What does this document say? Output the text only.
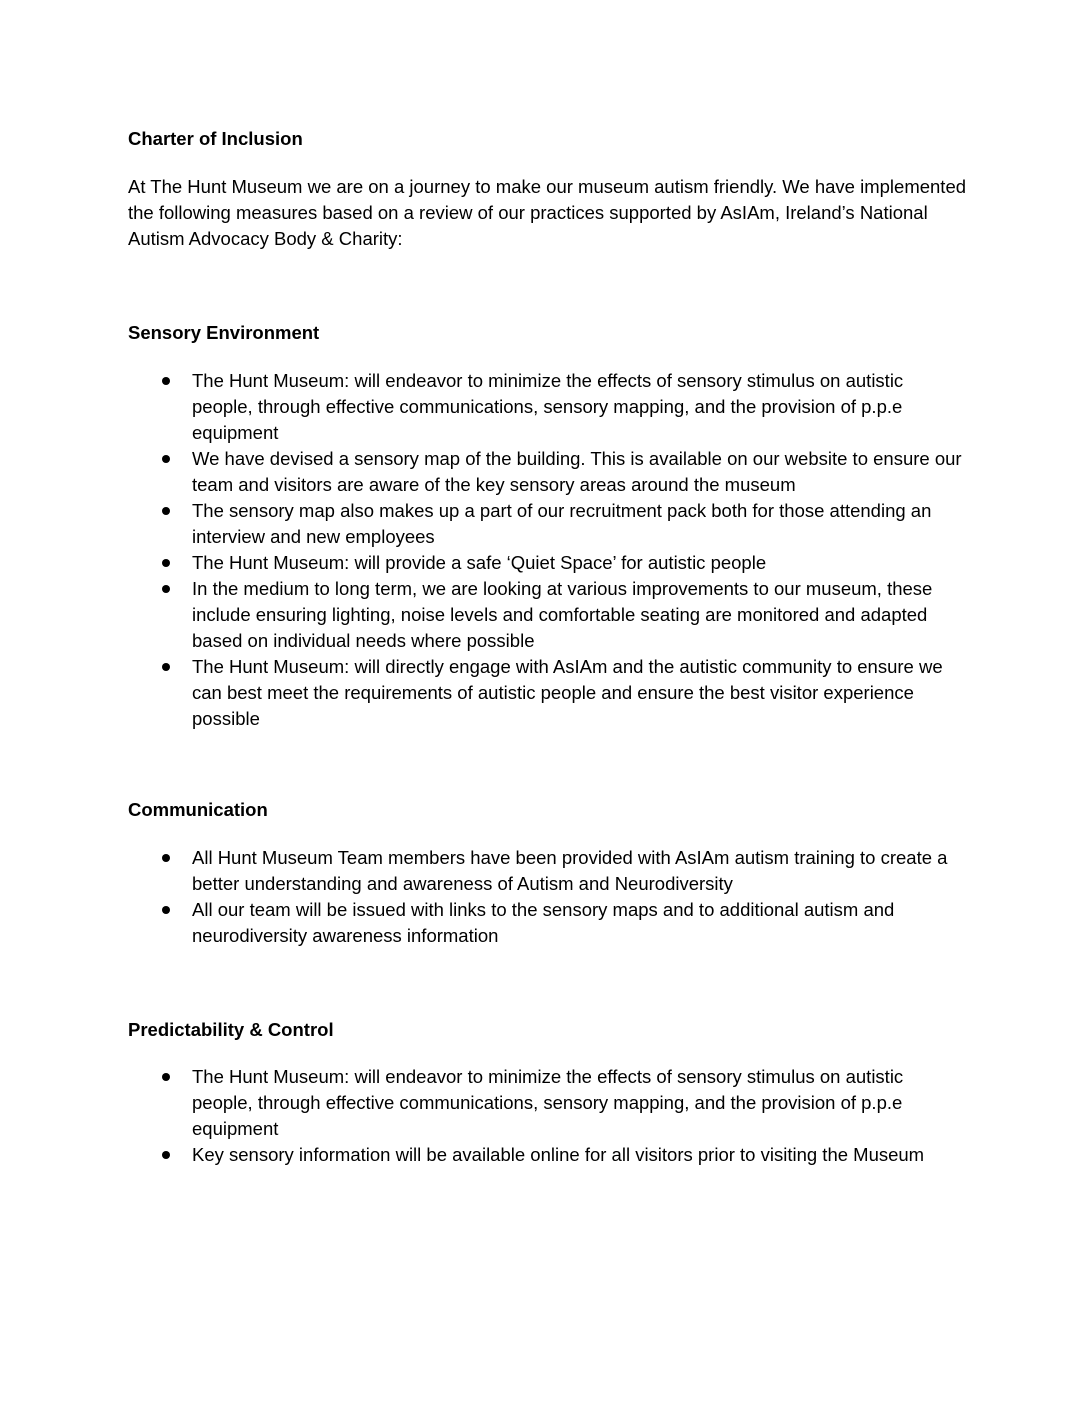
Charter of Inclusion

At The Hunt Museum we are on a journey to make our museum autism friendly. We have implemented the following measures based on a review of our practices supported by AsIAm, Ireland’s National Autism Advocacy Body & Charity:

Sensory Environment
The Hunt Museum: will endeavor to minimize the effects of sensory stimulus on autistic people, through effective communications, sensory mapping, and the provision of p.p.e equipment
We have devised a sensory map of the building. This is available on our website to ensure our team and visitors are aware of the key sensory areas around the museum
The sensory map also makes up a part of our recruitment pack both for those attending an interview and new employees
The Hunt Museum: will provide a safe ‘Quiet Space’ for autistic people
In the medium to long term, we are looking at various improvements to our museum, these include ensuring lighting, noise levels and comfortable seating are monitored and adapted based on individual needs where possible
The Hunt Museum: will directly engage with AsIAm and the autistic community to ensure we can best meet the requirements of autistic people and ensure the best visitor experience possible
Communication
All Hunt Museum Team members have been provided with AsIAm autism training to create a better understanding and awareness of Autism and Neurodiversity
All our team will be issued with links to the sensory maps and to additional autism and neurodiversity awareness information
Predictability & Control
The Hunt Museum: will endeavor to minimize the effects of sensory stimulus on autistic people, through effective communications, sensory mapping, and the provision of p.p.e equipment
Key sensory information will be available online for all visitors prior to visiting the Museum
